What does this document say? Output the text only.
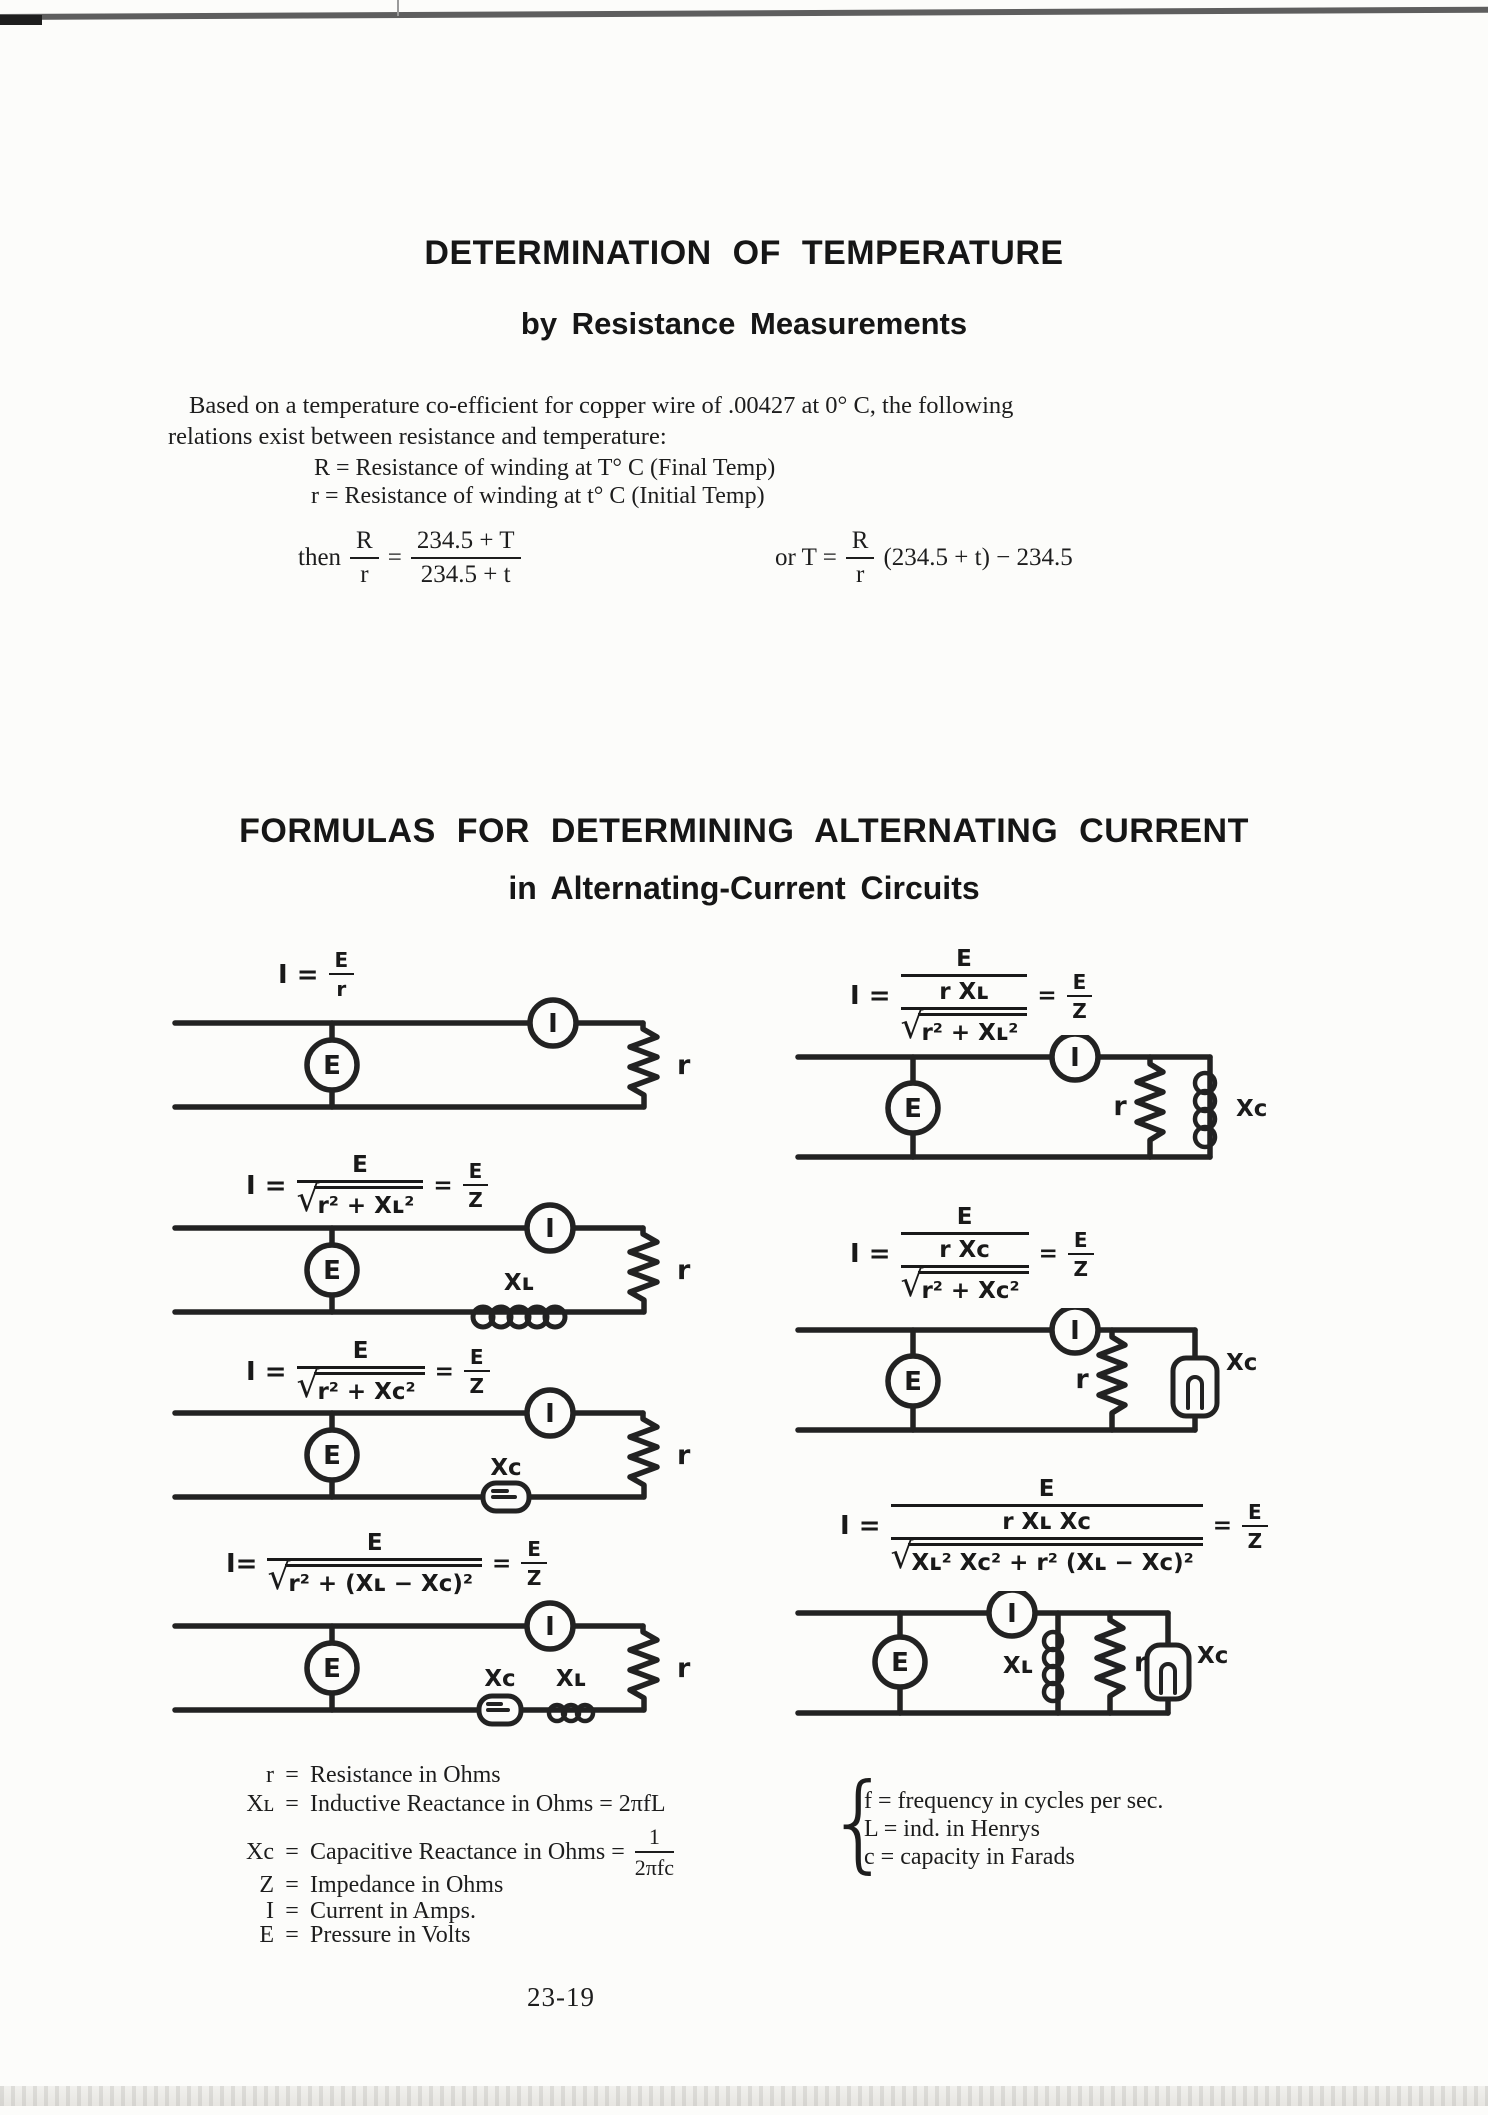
DETERMINATION OF TEMPERATURE
by Resistance Measurements
Based on a temperature co-efficient for copper wire of .00427 at 0° C, the following
relations exist between resistance and temperature:
R = Resistance of winding at T° C (Final Temp)
r = Resistance of winding at t° C (Initial Temp)
then $\frac{R}{r} = \frac{234.5 + T}{234.5 + t}$	or $T = \frac{R}{r} (234.5 + t) - 234.5$
FORMULAS FOR DETERMINING ALTERNATING CURRENT
in Alternating-Current Circuits
$I = \frac{E}{r}$
E
I
r
I = E
√
r² + Xʟ² = $\frac{E}{Z}$
E
I
r
Xʟ
I = E
√
$r^2 + Xc^2 = \frac{E}{Z}$
E
I
r
Xc
I= E
√
r² + (Xʟ − $Xc)^2 = \frac{E}{Z}$
E
I
r
Xc Xʟ
I = E
r Xʟ
√
r² + Xʟ² = $\frac{E}{Z}$
E
I
r	Xc
I = E
r Xc
√
$r^2 + Xc^2 = \frac{E}{Z}$
E
I
r
Xc
I = E
r Xʟ Xc
√
Xʟ² Xc² + r² (Xʟ − $Xc)^2 = \frac{E}{Z}$
E
I
Xʟ	r Xc
r = Resistance in Ohms
Xʟ = Inductive Reactance in Ohms = 2πfL
Xc = Capacitive Reactance in Ohms = $\frac{1}{\text{2πfc}}$
Z = Impedance in Ohms
I = Current in Amps.
E = Pressure in Volts
{
f = frequency in cycles per sec.
L = ind. in Henrys
c = capacity in Farads
23-19
